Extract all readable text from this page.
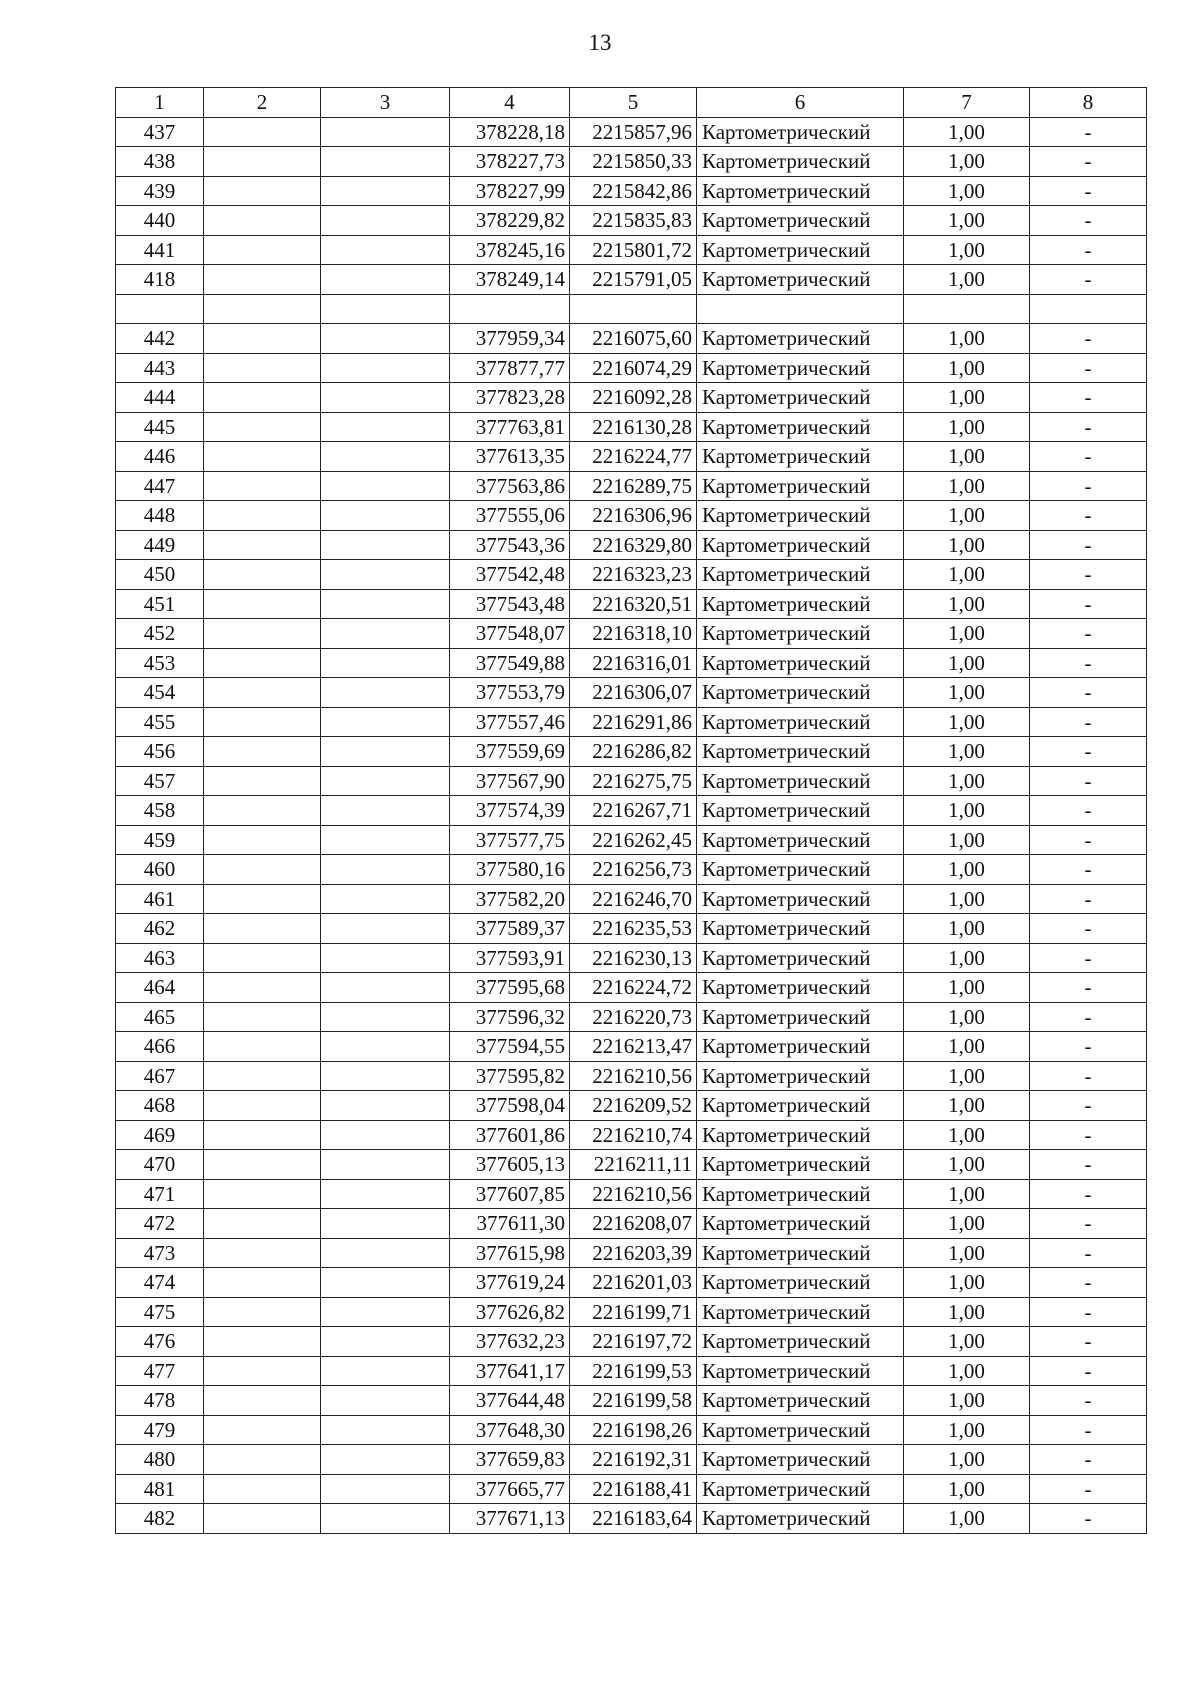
13
1	2	3	4	5	6	7	8
437			378228,18	2215857,96	Картометрический	1,00	-
438			378227,73	2215850,33	Картометрический	1,00	-
439			378227,99	2215842,86	Картометрический	1,00	-
440			378229,82	2215835,83	Картометрический	1,00	-
441			378245,16	2215801,72	Картометрический	1,00	-
418			378249,14	2215791,05	Картометрический	1,00	-

442			377959,34	2216075,60	Картометрический	1,00	-
443			377877,77	2216074,29	Картометрический	1,00	-
444			377823,28	2216092,28	Картометрический	1,00	-
445			377763,81	2216130,28	Картометрический	1,00	-
446			377613,35	2216224,77	Картометрический	1,00	-
447			377563,86	2216289,75	Картометрический	1,00	-
448			377555,06	2216306,96	Картометрический	1,00	-
449			377543,36	2216329,80	Картометрический	1,00	-
450			377542,48	2216323,23	Картометрический	1,00	-
451			377543,48	2216320,51	Картометрический	1,00	-
452			377548,07	2216318,10	Картометрический	1,00	-
453			377549,88	2216316,01	Картометрический	1,00	-
454			377553,79	2216306,07	Картометрический	1,00	-
455			377557,46	2216291,86	Картометрический	1,00	-
456			377559,69	2216286,82	Картометрический	1,00	-
457			377567,90	2216275,75	Картометрический	1,00	-
458			377574,39	2216267,71	Картометрический	1,00	-
459			377577,75	2216262,45	Картометрический	1,00	-
460			377580,16	2216256,73	Картометрический	1,00	-
461			377582,20	2216246,70	Картометрический	1,00	-
462			377589,37	2216235,53	Картометрический	1,00	-
463			377593,91	2216230,13	Картометрический	1,00	-
464			377595,68	2216224,72	Картометрический	1,00	-
465			377596,32	2216220,73	Картометрический	1,00	-
466			377594,55	2216213,47	Картометрический	1,00	-
467			377595,82	2216210,56	Картометрический	1,00	-
468			377598,04	2216209,52	Картометрический	1,00	-
469			377601,86	2216210,74	Картометрический	1,00	-
470			377605,13	2216211,11	Картометрический	1,00	-
471			377607,85	2216210,56	Картометрический	1,00	-
472			377611,30	2216208,07	Картометрический	1,00	-
473			377615,98	2216203,39	Картометрический	1,00	-
474			377619,24	2216201,03	Картометрический	1,00	-
475			377626,82	2216199,71	Картометрический	1,00	-
476			377632,23	2216197,72	Картометрический	1,00	-
477			377641,17	2216199,53	Картометрический	1,00	-
478			377644,48	2216199,58	Картометрический	1,00	-
479			377648,30	2216198,26	Картометрический	1,00	-
480			377659,83	2216192,31	Картометрический	1,00	-
481			377665,77	2216188,41	Картометрический	1,00	-
482			377671,13	2216183,64	Картометрический	1,00	-
